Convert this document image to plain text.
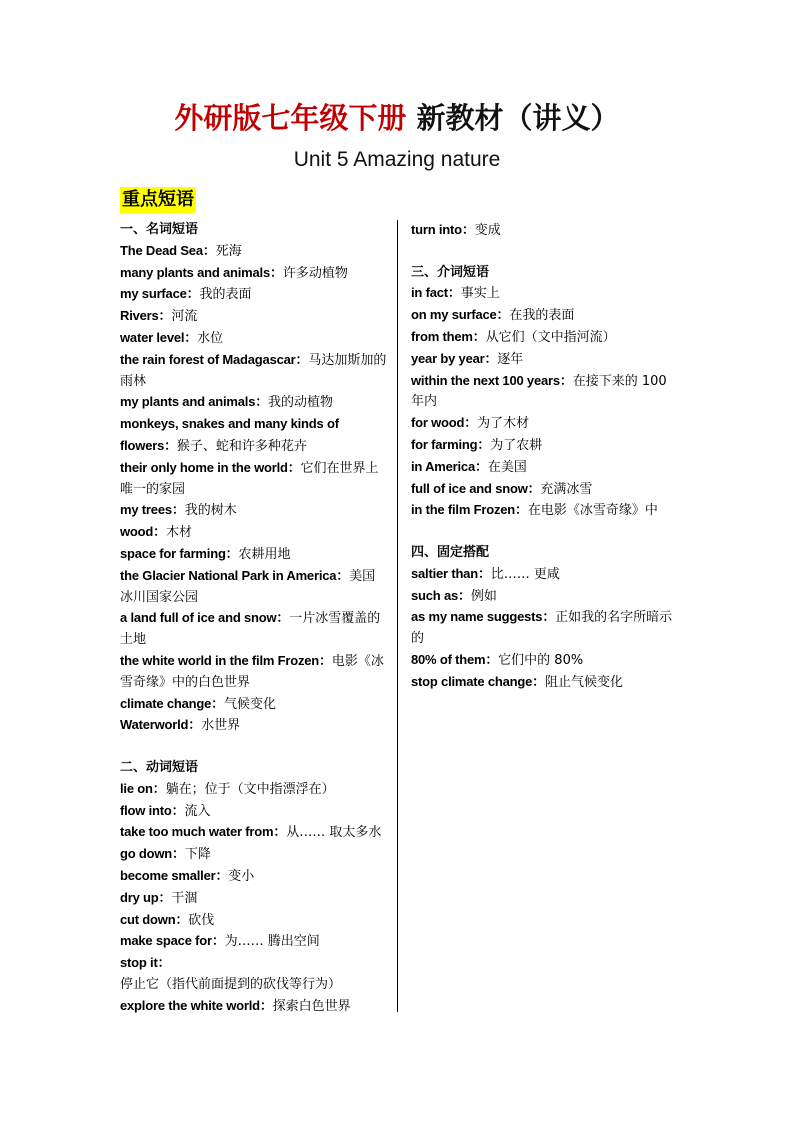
外研版七年级下册 新教材（讲义）
Unit 5 Amazing nature
重点短语
一、名词短语
The Dead Sea：死海
many plants and animals：许多动植物
my surface：我的表面
Rivers：河流
water level：水位
the rain forest of Madagascar：马达加斯加的雨林
my plants and animals：我的动植物
monkeys, snakes and many kinds of flowers：猴子、蛇和许多种花卉
their only home in the world：它们在世界上唯一的家园
my trees：我的树木
wood：木材
space for farming：农耕用地
the Glacier National Park in America：美国冰川国家公园
a land full of ice and snow：一片冰雪覆盖的土地
the white world in the film Frozen：电影《冰雪奇缘》中的白色世界
climate change：气候变化
Waterworld：水世界
二、动词短语
lie on：躺在；位于（文中指漂浮在）
flow into：流入
take too much water from：从…… 取太多水
go down：下降
become smaller：变小
dry up：干涸
cut down：砍伐
make space for：为…… 腾出空间
stop it：停止它（指代前面提到的砍伐等行为）
explore the white world：探索白色世界
turn into：变成
三、介词短语
in fact：事实上
on my surface：在我的表面
from them：从它们（文中指河流）
year by year：逐年
within the next 100 years：在接下来的 100年内
for wood：为了木材
for farming：为了农耕
in America：在美国
full of ice and snow：充满冰雪
in the film Frozen：在电影《冰雪奇缘》中
四、固定搭配
saltier than：比…… 更咸
such as：例如
as my name suggests：正如我的名字所暗示的
80% of them：它们中的 80%
stop climate change：阻止气候变化
